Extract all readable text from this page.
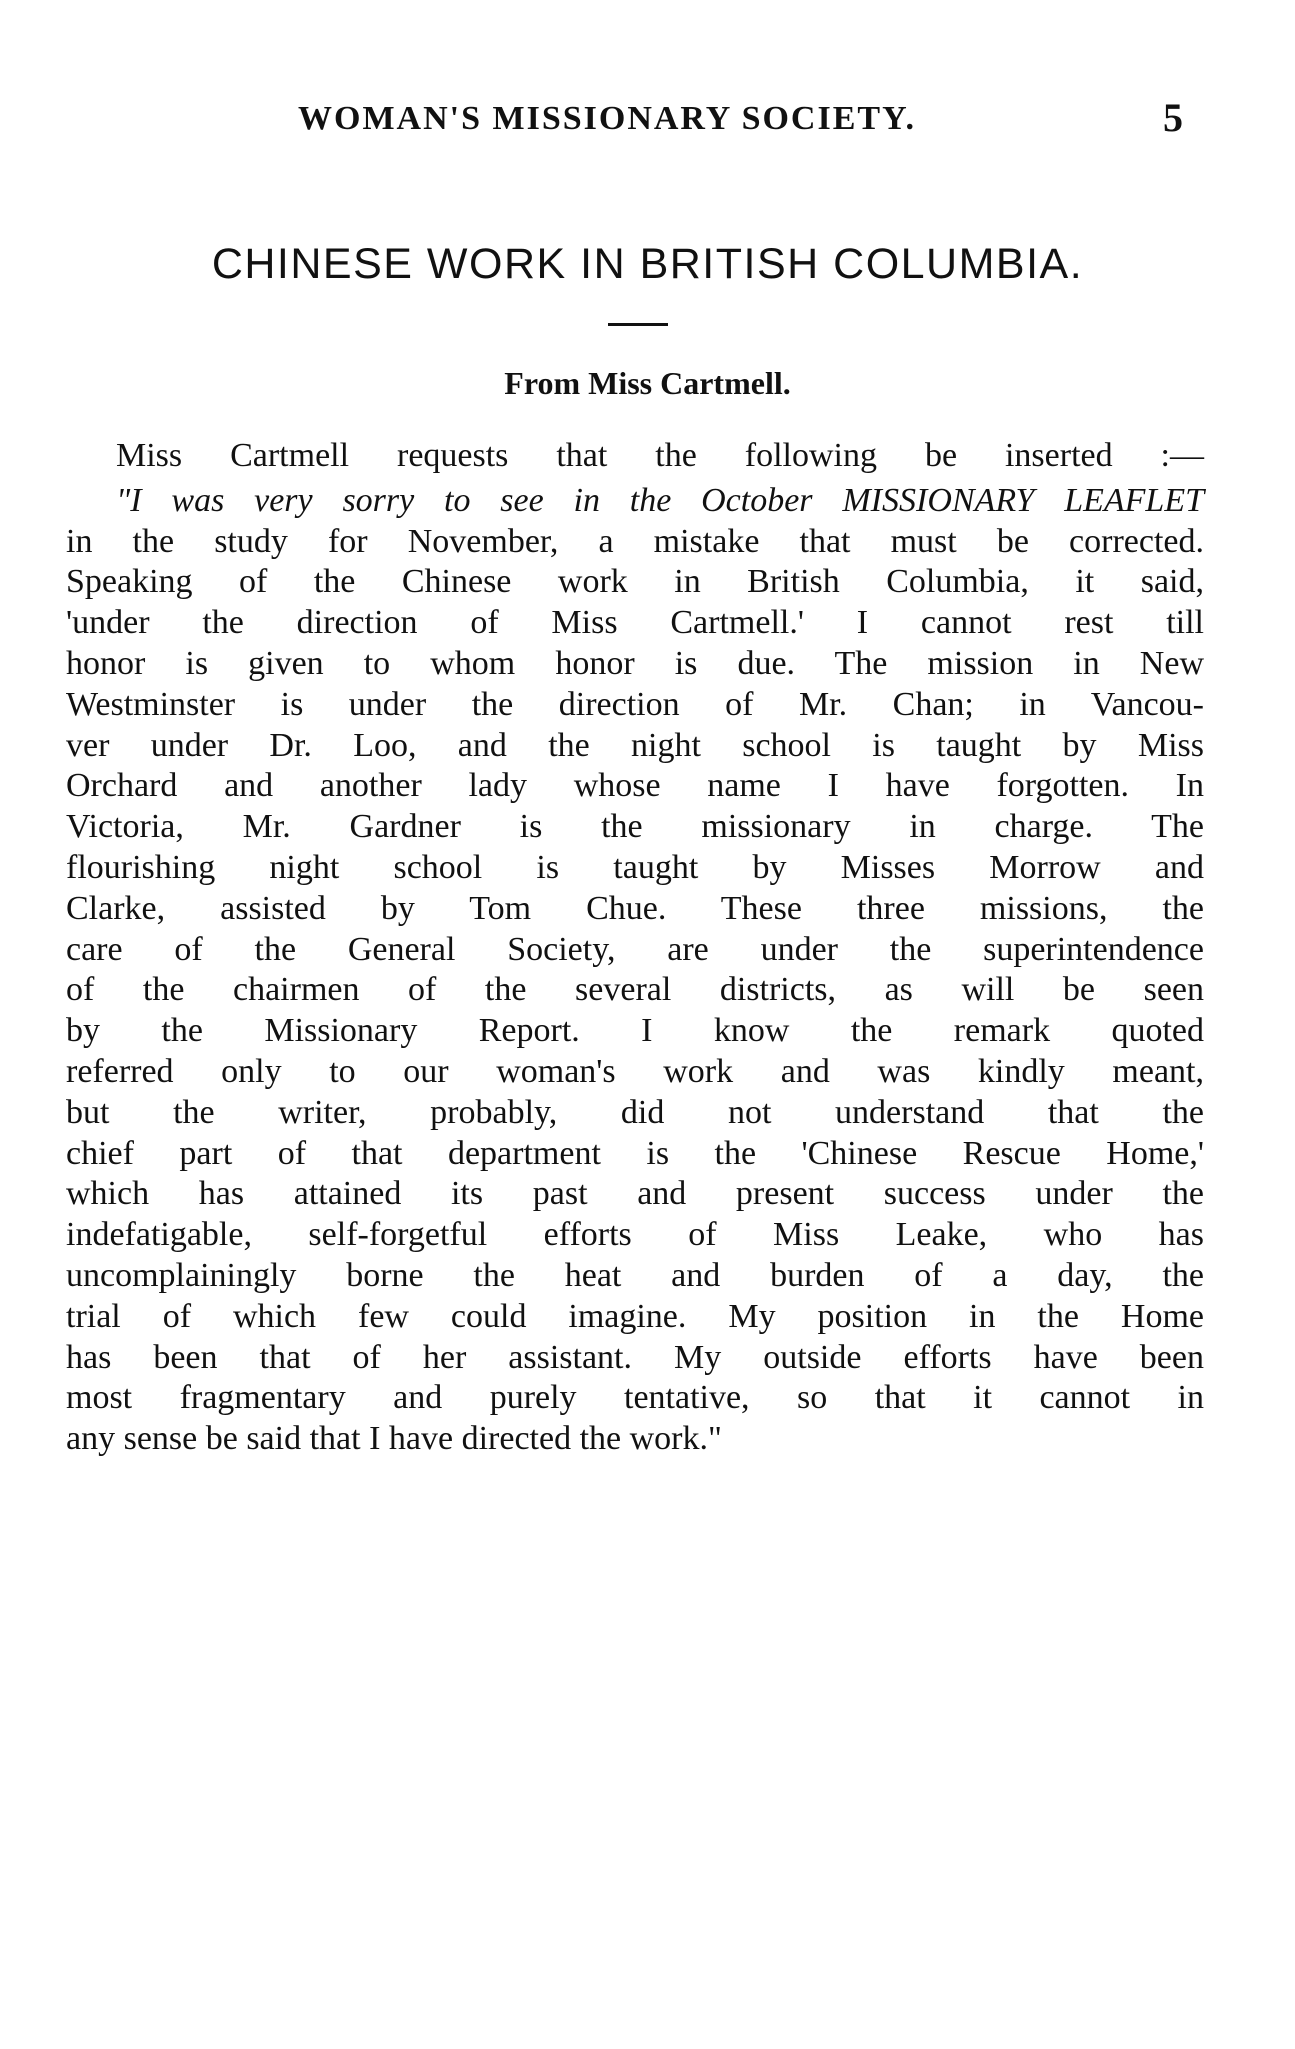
WOMAN'S MISSIONARY SOCIETY.	5
CHINESE WORK IN BRITISH COLUMBIA.
From Miss Cartmell.
Miss Cartmell requests that the following be inserted :—
"I was very sorry to see in the October MISSIONARY LEAFLET
in the study for November, a mistake that must be corrected.
Speaking of the Chinese work in British Columbia, it said,
'under the direction of Miss Cartmell.' I cannot rest till
honor is given to whom honor is due. The mission in New
Westminster is under the direction of Mr. Chan; in Vancou-
ver under Dr. Loo, and the night school is taught by Miss
Orchard and another lady whose name I have forgotten. In
Victoria, Mr. Gardner is the missionary in charge. The
flourishing night school is taught by Misses Morrow and
Clarke, assisted by Tom Chue. These three missions, the
care of the General Society, are under the superintendence
of the chairmen of the several districts, as will be seen
by the Missionary Report. I know the remark quoted
referred only to our woman's work and was kindly meant,
but the writer, probably, did not understand that the
chief part of that department is the 'Chinese Rescue Home,'
which has attained its past and present success under the
indefatigable, self-forgetful efforts of Miss Leake, who has
uncomplainingly borne the heat and burden of a day, the
trial of which few could imagine. My position in the Home
has been that of her assistant. My outside efforts have been
most fragmentary and purely tentative, so that it cannot in
any sense be said that I have directed the work."
